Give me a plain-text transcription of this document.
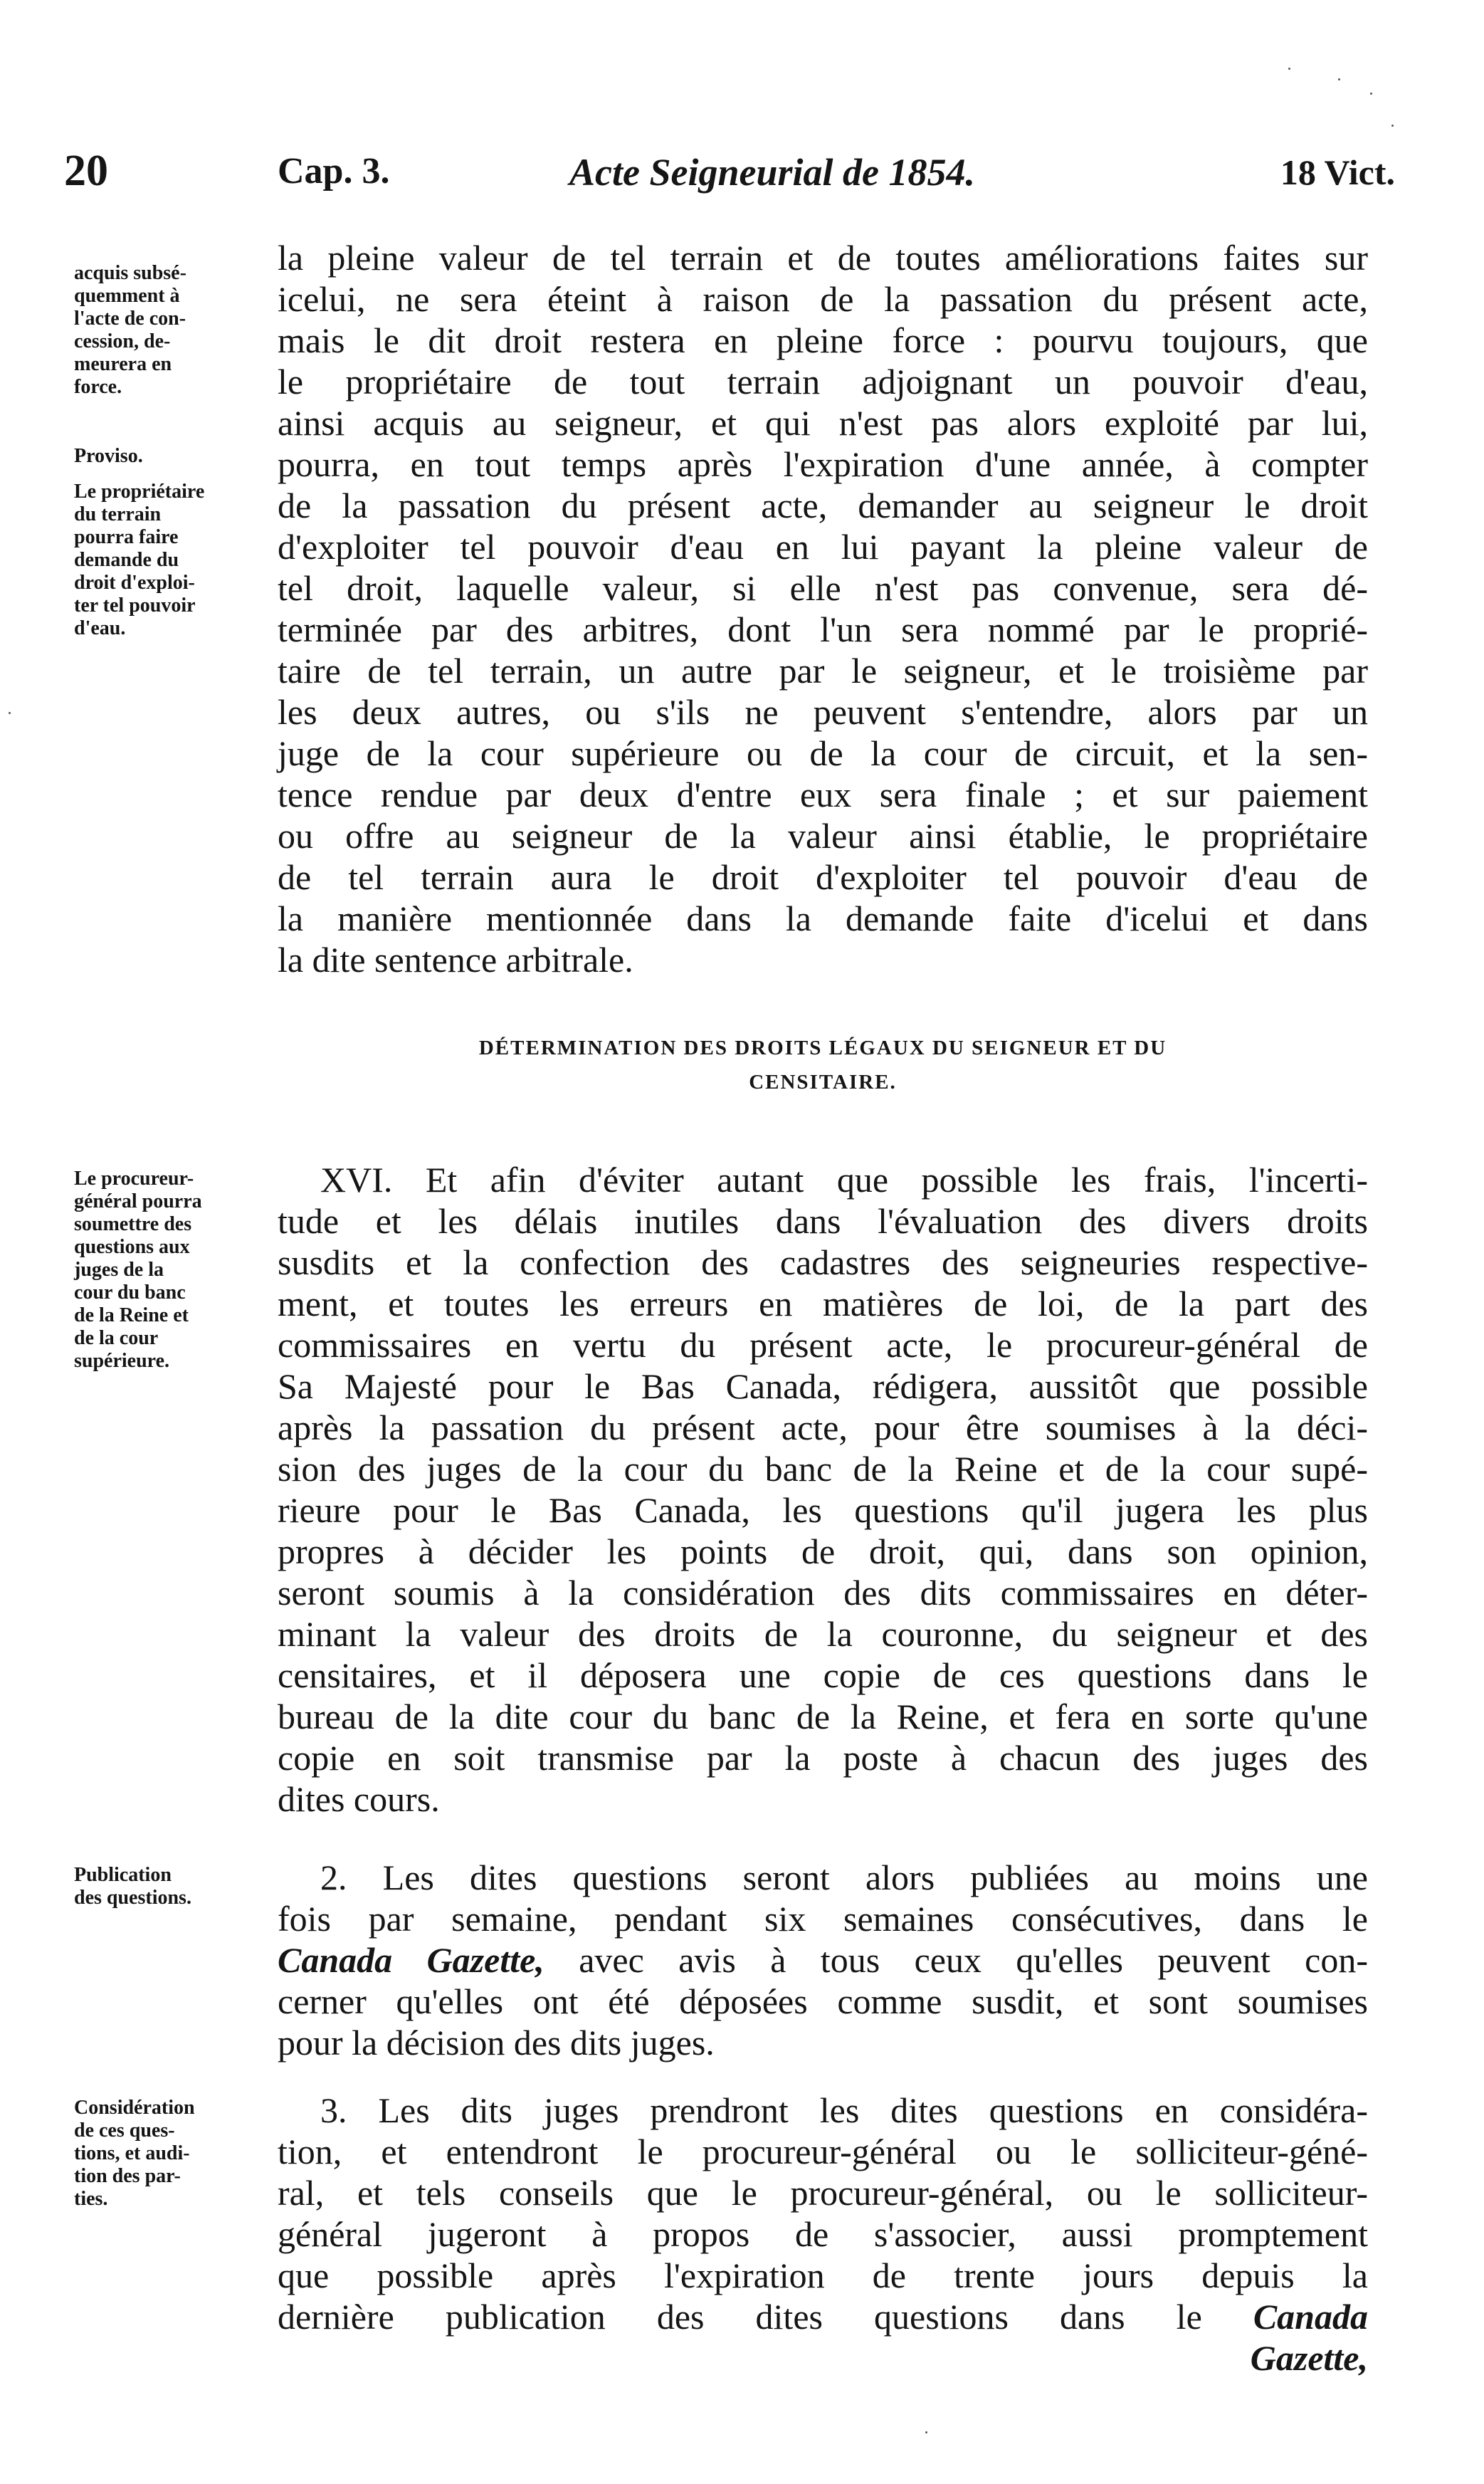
20	Cap. 3.	Acte Seigneurial de 1854.	18 Vict.
acquis subsé-
quemment à
l'acte de con-
cession, de-
meurera en
force.
Proviso.
Le propriétaire
du terrain
pourra faire
demande du
droit d'exploi-
ter tel pouvoir
d'eau.
Le procureur-
général pourra
soumettre des
questions aux
juges de la
cour du banc
de la Reine et
de la cour
supérieure.
Publication
des questions.
Considération
de ces ques-
tions, et audi-
tion des par-
ties.
la pleine valeur de tel terrain et de toutes améliorations faites sur
icelui, ne sera éteint à raison de la passation du présent acte,
mais le dit droit restera en pleine force : pourvu toujours, que
le propriétaire de tout terrain adjoignant un pouvoir d'eau,
ainsi acquis au seigneur, et qui n'est pas alors exploité par lui,
pourra, en tout temps après l'expiration d'une année, à compter
de la passation du présent acte, demander au seigneur le droit
d'exploiter tel pouvoir d'eau en lui payant la pleine valeur de
tel droit, laquelle valeur, si elle n'est pas convenue, sera dé-
terminée par des arbitres, dont l'un sera nommé par le proprié-
taire de tel terrain, un autre par le seigneur, et le troisième par
les deux autres, ou s'ils ne peuvent s'entendre, alors par un
juge de la cour supérieure ou de la cour de circuit, et la sen-
tence rendue par deux d'entre eux sera finale ; et sur paiement
ou offre au seigneur de la valeur ainsi établie, le propriétaire
de tel terrain aura le droit d'exploiter tel pouvoir d'eau de
la manière mentionnée dans la demande faite d'icelui et dans
la dite sentence arbitrale.
DÉTERMINATION DES DROITS LÉGAUX DU SEIGNEUR ET DU
CENSITAIRE.
XVI. Et afin d'éviter autant que possible les frais, l'incerti-
tude et les délais inutiles dans l'évaluation des divers droits
susdits et la confection des cadastres des seigneuries respective-
ment, et toutes les erreurs en matières de loi, de la part des
commissaires en vertu du présent acte, le procureur-général de
Sa Majesté pour le Bas Canada, rédigera, aussitôt que possible
après la passation du présent acte, pour être soumises à la déci-
sion des juges de la cour du banc de la Reine et de la cour supé-
rieure pour le Bas Canada, les questions qu'il jugera les plus
propres à décider les points de droit, qui, dans son opinion,
seront soumis à la considération des dits commissaires en déter-
minant la valeur des droits de la couronne, du seigneur et des
censitaires, et il déposera une copie de ces questions dans le
bureau de la dite cour du banc de la Reine, et fera en sorte qu'une
copie en soit transmise par la poste à chacun des juges des
dites cours.
2. Les dites questions seront alors publiées au moins une
fois par semaine, pendant six semaines consécutives, dans le
Canada Gazette, avec avis à tous ceux qu'elles peuvent con-
cerner qu'elles ont été déposées comme susdit, et sont soumises
pour la décision des dits juges.
3. Les dits juges prendront les dites questions en considéra-
tion, et entendront le procureur-général ou le solliciteur-géné-
ral, et tels conseils que le procureur-général, ou le solliciteur-
général jugeront à propos de s'associer, aussi promptement
que possible après l'expiration de trente jours depuis la
dernière publication des dites questions dans le Canada
Gazette,
